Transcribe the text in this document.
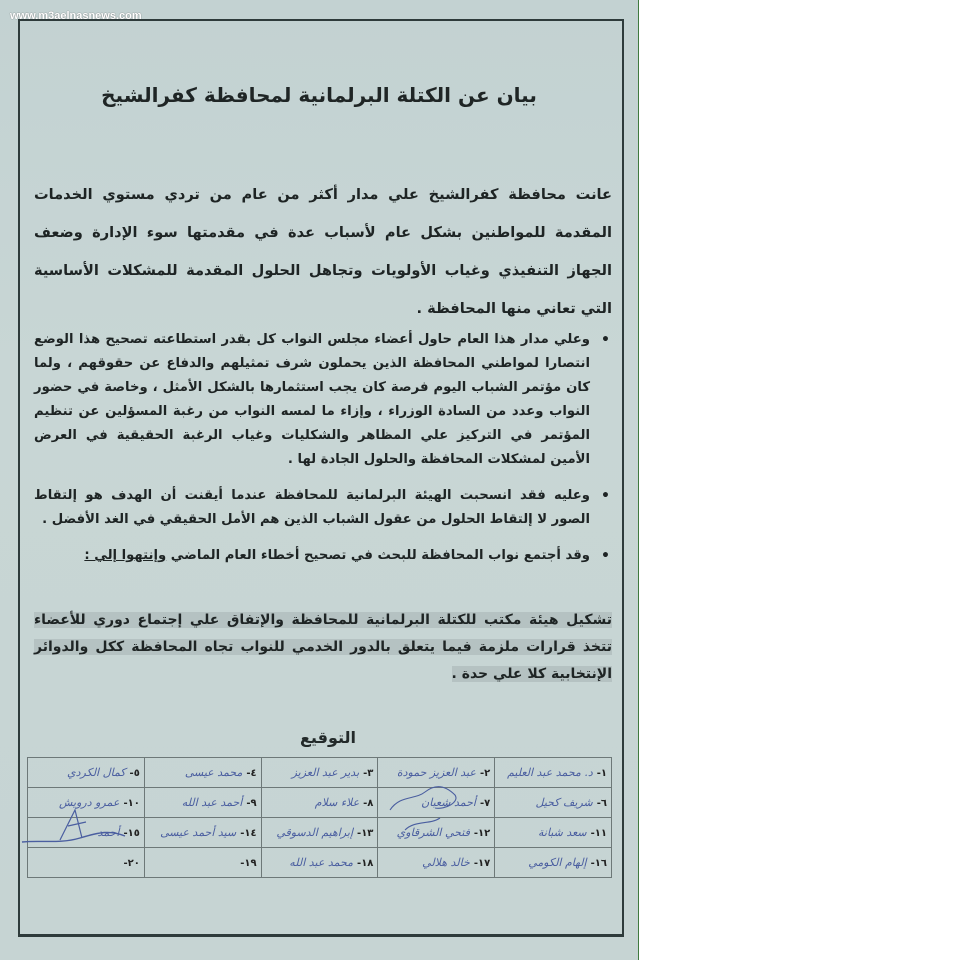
www.m3aelnasnews.com
بيان عن الكتلة البرلمانية لمحافظة كفرالشيخ
عانت محافظة كفرالشيخ علي مدار أكثر من عام من تردي مستوي الخدمات المقدمة للمواطنين بشكل عام لأسباب عدة في مقدمتها سوء الإدارة وضعف الجهاز التنفيذي وغياب الأولويات وتجاهل الحلول المقدمة للمشكلات الأساسية التي تعاني منها المحافظة .
•
وعلي مدار هذا العام حاول أعضاء مجلس النواب كل بقدر استطاعته تصحيح هذا الوضع انتصارا لمواطني المحافظة الذين يحملون شرف تمثيلهم والدفاع عن حقوقهم ، ولما كان مؤتمر الشباب اليوم فرصة كان يجب استثمارها بالشكل الأمثل ، وخاصة في حضور النواب وعدد من السادة الوزراء ، وإزاء ما لمسه النواب من رغبة المسؤلين عن تنظيم المؤتمر في التركيز علي المظاهر والشكليات وغياب الرغبة الحقيقية في العرض الأمين لمشكلات المحافظة والحلول الجادة لها .
•
وعليه فقد انسحبت الهيئة البرلمانية للمحافظة عندما أيقنت أن الهدف هو إلتقاط الصور لا إلتقاط الحلول من عقول الشباب الذين هم الأمل الحقيقي في الغد الأفضل .
•
وقد أجتمع نواب المحافظة للبحث في تصحيح أخطاء العام الماضي وإنتهوا إلي :
تشكيل هيئة مكتب للكتلة البرلمانية للمحافظة والإتفاق علي إجتماع دوري للأعضاء تتخذ قرارات ملزمة فيما يتعلق بالدور الخدمي للنواب تجاه المحافظة ككل والدوائر الإنتخابية كلا علي حدة .
التوقيع
١-د. محمد عبد العليم	٢-عبد العزيز حمودة	٣-بدير عبد العزيز	٤-محمد عيسى	٥-كمال الكردي
٦-شريف كحيل	٧-أحمد شعبان	٨-علاء سلام	٩-أحمد عبد الله	١٠-عمرو درويش
١١-سعد شبانة	١٢-فتحي الشرقاوي	١٣-إبراهيم الدسوقي	١٤-سيد أحمد عيسى	١٥-أحمد
١٦-إلهام الكومي	١٧-خالد هلالي	١٨-محمد عبد الله	١٩-	٢٠-
